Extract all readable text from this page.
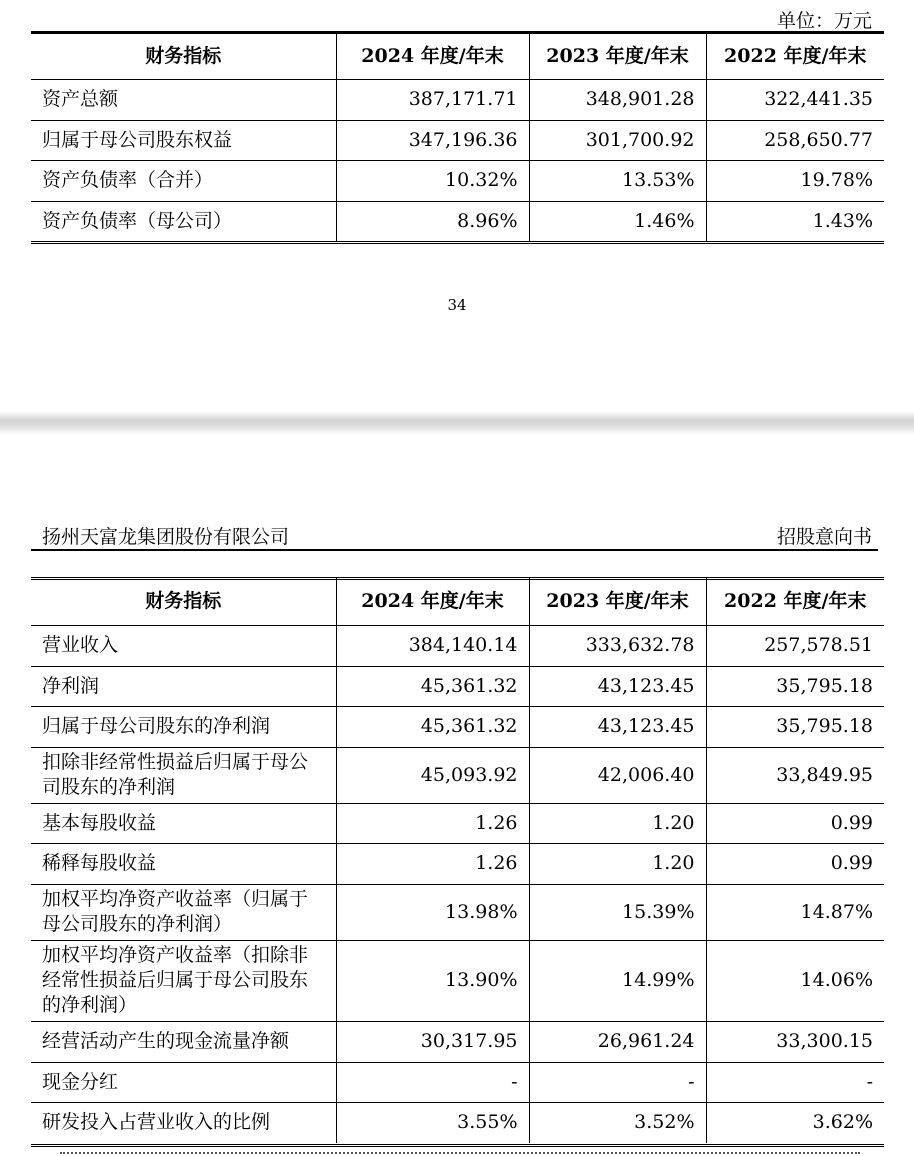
单位：万元
财务指标	2024 年度/年末	2023 年度/年末	2022 年度/年末
资产总额	387,171.71	348,901.28	322,441.35
归属于母公司股东权益	347,196.36	301,700.92	258,650.77
资产负债率（合并）	10.32%	13.53%	19.78%
资产负债率（母公司）	8.96%	1.46%	1.43%
34
扬州天富龙集团股份有限公司	招股意向书
财务指标	2024 年度/年末	2023 年度/年末	2022 年度/年末
营业收入	384,140.14	333,632.78	257,578.51
净利润	45,361.32	43,123.45	35,795.18
归属于母公司股东的净利润	45,361.32	43,123.45	35,795.18
扣除非经常性损益后归属于母公司股东的净利润	45,093.92	42,006.40	33,849.95
基本每股收益	1.26	1.20	0.99
稀释每股收益	1.26	1.20	0.99
加权平均净资产收益率（归属于母公司股东的净利润）	13.98%	15.39%	14.87%
加权平均净资产收益率（扣除非经常性损益后归属于母公司股东的净利润）	13.90%	14.99%	14.06%
经营活动产生的现金流量净额	30,317.95	26,961.24	33,300.15
现金分红	-	-	-
研发投入占营业收入的比例	3.55%	3.52%	3.62%
